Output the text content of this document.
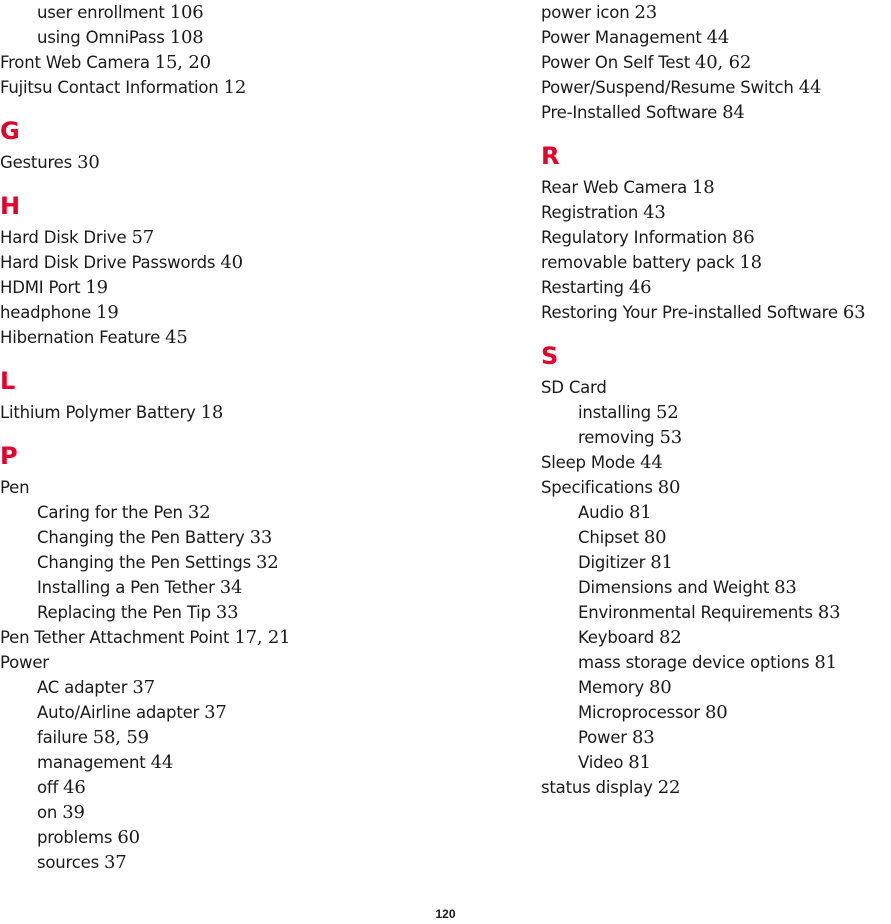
user enrollment 106
using OmniPass 108
Front Web Camera 15, 20
Fujitsu Contact Information 12
G
Gestures 30
H
Hard Disk Drive 57
Hard Disk Drive Passwords 40
HDMI Port 19
headphone 19
Hibernation Feature 45
L
Lithium Polymer Battery 18
P
Pen
Caring for the Pen 32
Changing the Pen Battery 33
Changing the Pen Settings 32
Installing a Pen Tether 34
Replacing the Pen Tip 33
Pen Tether Attachment Point 17, 21
Power
AC adapter 37
Auto/Airline adapter 37
failure 58, 59
management 44
off 46
on 39
problems 60
sources 37
power icon 23
Power Management 44
Power On Self Test 40, 62
Power/Suspend/Resume Switch 44
Pre-Installed Software 84
R
Rear Web Camera 18
Registration 43
Regulatory Information 86
removable battery pack 18
Restarting 46
Restoring Your Pre-installed Software 63
S
SD Card
installing 52
removing 53
Sleep Mode 44
Specifications 80
Audio 81
Chipset 80
Digitizer 81
Dimensions and Weight 83
Environmental Requirements 83
Keyboard 82
mass storage device options 81
Memory 80
Microprocessor 80
Power 83
Video 81
status display 22
120
